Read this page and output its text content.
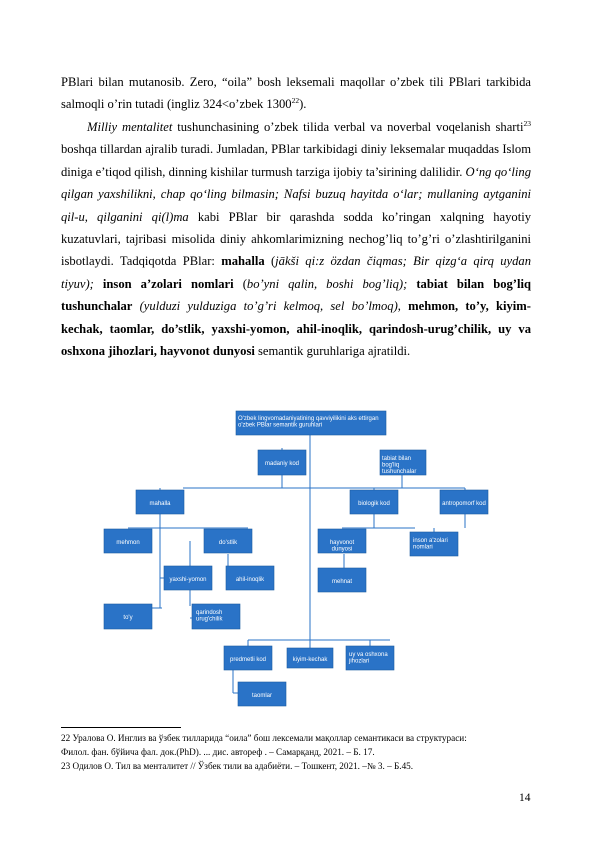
PBlari bilan mutanosib. Zero, “oila” bosh leksemali maqollar o’zbek tili PBlari tarkibida salmoqli o’rin tutadi (ingliz 324<o’zbek 1300$^{22}$).

Milliy mentalitet tushunchasining o’zbek tilida verbal va noverbal voqelanish sharti$^{23}$ boshqa tillardan ajralib turadi. Jumladan, PBlar tarkibidagi diniy leksemalar muqaddas Islom diniga e’tiqod qilish, dinning kishilar turmush tarziga ijobiy ta’sirining dalilidir. O‘ng qo‘ling qilgan yaxshilikni, chap qo‘ling bilmasin; Nafsi buzuq hayitda o‘lar; mullaning aytganini qil-u, qilganini qi(l)ma kabi PBlar bir qarashda sodda ko’ringan xalqning hayotiy kuzatuvlari, tajribasi misolida diniy ahkomlarimizning nechog’liq to’g’ri o’zlashtirilganini isbotlaydi. Tadqiqotda PBlar: mahalla (jākši qi:z özdan čiqmas; Bir qizg‘a qirq uydan tiyuv); inson a’zolari nomlari (bo’yni qalin, boshi bog’liq); tabiat bilan bog’liq tushunchalar (yulduzi yulduziga to’g’ri kelmoq, sel bo’lmoq), mehmon, to’y, kiyim-kechak, taomlar, do’stlik, yaxshi-yomon, ahil-inoqlik, qarindosh-urug’chilik, uy va oshxona jihozlari, hayvonot dunyosi semantik guruhlariga ajratildi.

O'zbek lingvomadaniyatining qavviyilikini aks ettirgan o'zbek PBlar semantik guruhlari
madaniy kod
tabiat bilan bog'liq tushunchalar
mahalla
mehmon	do'stlik
yaxshi-yomon	ahil-inoqlik
to'y
qarindosh urug'chilik
biologik kod	antropomorf kod
hayvonot dunyosi
inson a'zolari nomlari
mehnat
predmetli kod	kiyim-kechak
uy va oshxona jihozlari
taomlar
22 Уралова О. Инглиз ва ўзбек тилларида “оила” бош лексемали мақоллар семантикаси ва структураси:
Филол. фан. бўйича фал. док.(PhD). ... дис. автореф . – Самарқанд, 2021. – Б. 17.
23 Одилов О. Тил ва менталитет // Ўзбек тили ва адабиёти. – Тошкент, 2021. –№ 3. – Б.45.
14
